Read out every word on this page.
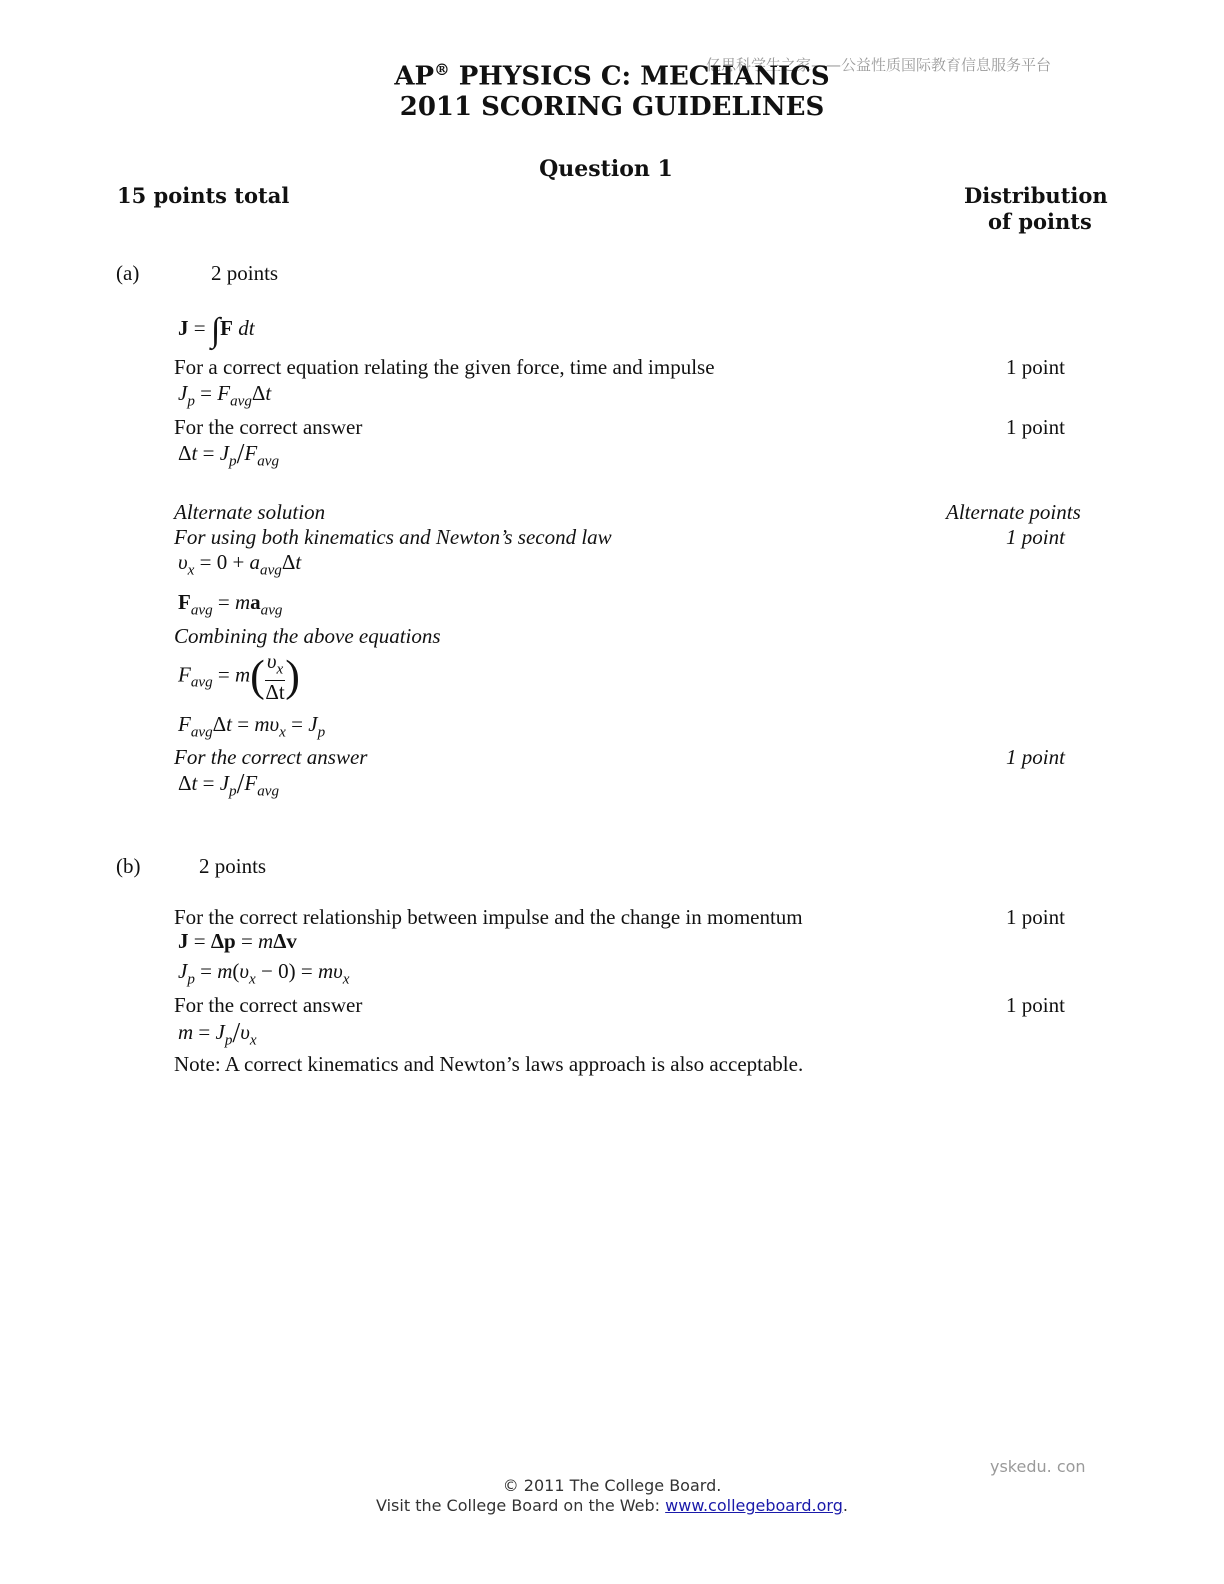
亿思科学生之家——公益性质国际教育信息服务平台
AP® PHYSICS C: MECHANICS
2011 SCORING GUIDELINES
Question 1
15 points total	Distribution
of points
(a)	2 points
J = ∫F dt
For a correct equation relating the given force, time and impulse	1 point
$J_p = F_{avg}\Delta t$
For the correct answer	1 point
$\Delta t = J_p/F_{avg}$
Alternate solution	Alternate points
For using both kinematics and Newton’s second law	1 point
$\upsilon_x = 0 + a_{avg}\Delta t$
$F_{avg} = ma_{avg}$
Combining the above equations
$F_{avg} = m( \frac{\upsilon_x}{\Delta t}$ )
$F_{avg}\Delta t = m\upsilon_x = J_p$
For the correct answer	1 point
$\Delta t = J_p/F_{avg}$
(b)	2 points
For the correct relationship between impulse and the change in momentum	1 point
J = Δp = mΔv
$J_p = m(\upsilon_x - 0) = m\upsilon_x$
For the correct answer	1 point
$m = J_p/\upsilon_x$
Note: A correct kinematics and Newton’s laws approach is also acceptable.
yskedu. con
© 2011 The College Board.
Visit the College Board on the Web: www.collegeboard.org.
